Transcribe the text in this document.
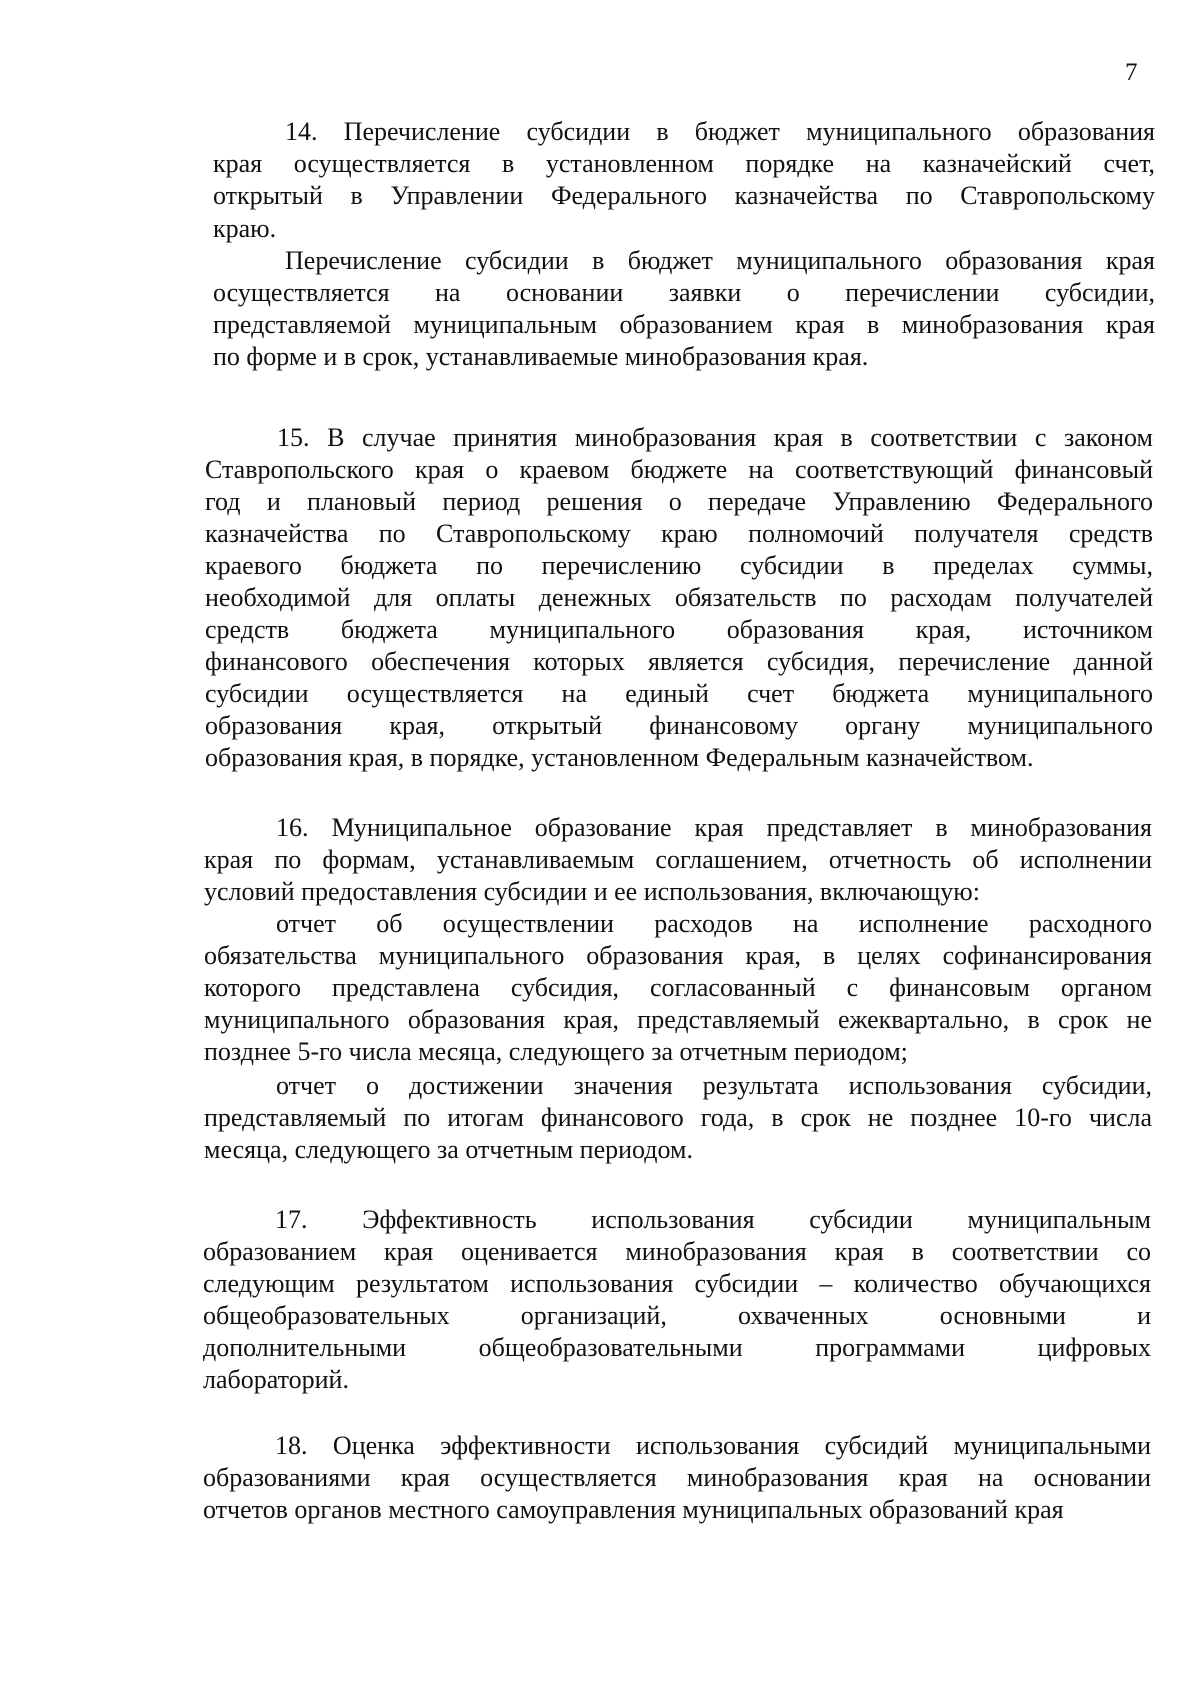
7
14. Перечисление субсидии в бюджет муниципального образования
края осуществляется в установленном порядке на казначейский счет,
открытый в Управлении Федерального казначейства по Ставропольскому
краю.
Перечисление субсидии в бюджет муниципального образования края
осуществляется на основании заявки о перечислении субсидии,
представляемой муниципальным образованием края в минобразования края
по форме и в срок, устанавливаемые минобразования края.
15. В случае принятия минобразования края в соответствии с законом
Ставропольского края о краевом бюджете на соответствующий финансовый
год и плановый период решения о передаче Управлению Федерального
казначейства по Ставропольскому краю полномочий получателя средств
краевого бюджета по перечислению субсидии в пределах суммы,
необходимой для оплаты денежных обязательств по расходам получателей
средств бюджета муниципального образования края, источником
финансового обеспечения которых является субсидия, перечисление данной
субсидии осуществляется на единый счет бюджета муниципального
образования края, открытый финансовому органу муниципального
образования края, в порядке, установленном Федеральным казначейством.
16. Муниципальное образование края представляет в минобразования
края по формам, устанавливаемым соглашением, отчетность об исполнении
условий предоставления субсидии и ее использования, включающую:
отчет об осуществлении расходов на исполнение расходного
обязательства муниципального образования края, в целях софинансирования
которого представлена субсидия, согласованный с финансовым органом
муниципального образования края, представляемый ежеквартально, в срок не
позднее 5-го числа месяца, следующего за отчетным периодом;
отчет о достижении значения результата использования субсидии,
представляемый по итогам финансового года, в срок не позднее 10-го числа
месяца, следующего за отчетным периодом.
17. Эффективность использования субсидии муниципальным
образованием края оценивается минобразования края в соответствии со
следующим результатом использования субсидии – количество обучающихся
общеобразовательных организаций, охваченных основными и
дополнительными общеобразовательными программами цифровых
лабораторий.
18. Оценка эффективности использования субсидий муниципальными
образованиями края осуществляется минобразования края на основании
отчетов органов местного самоуправления муниципальных образований края
